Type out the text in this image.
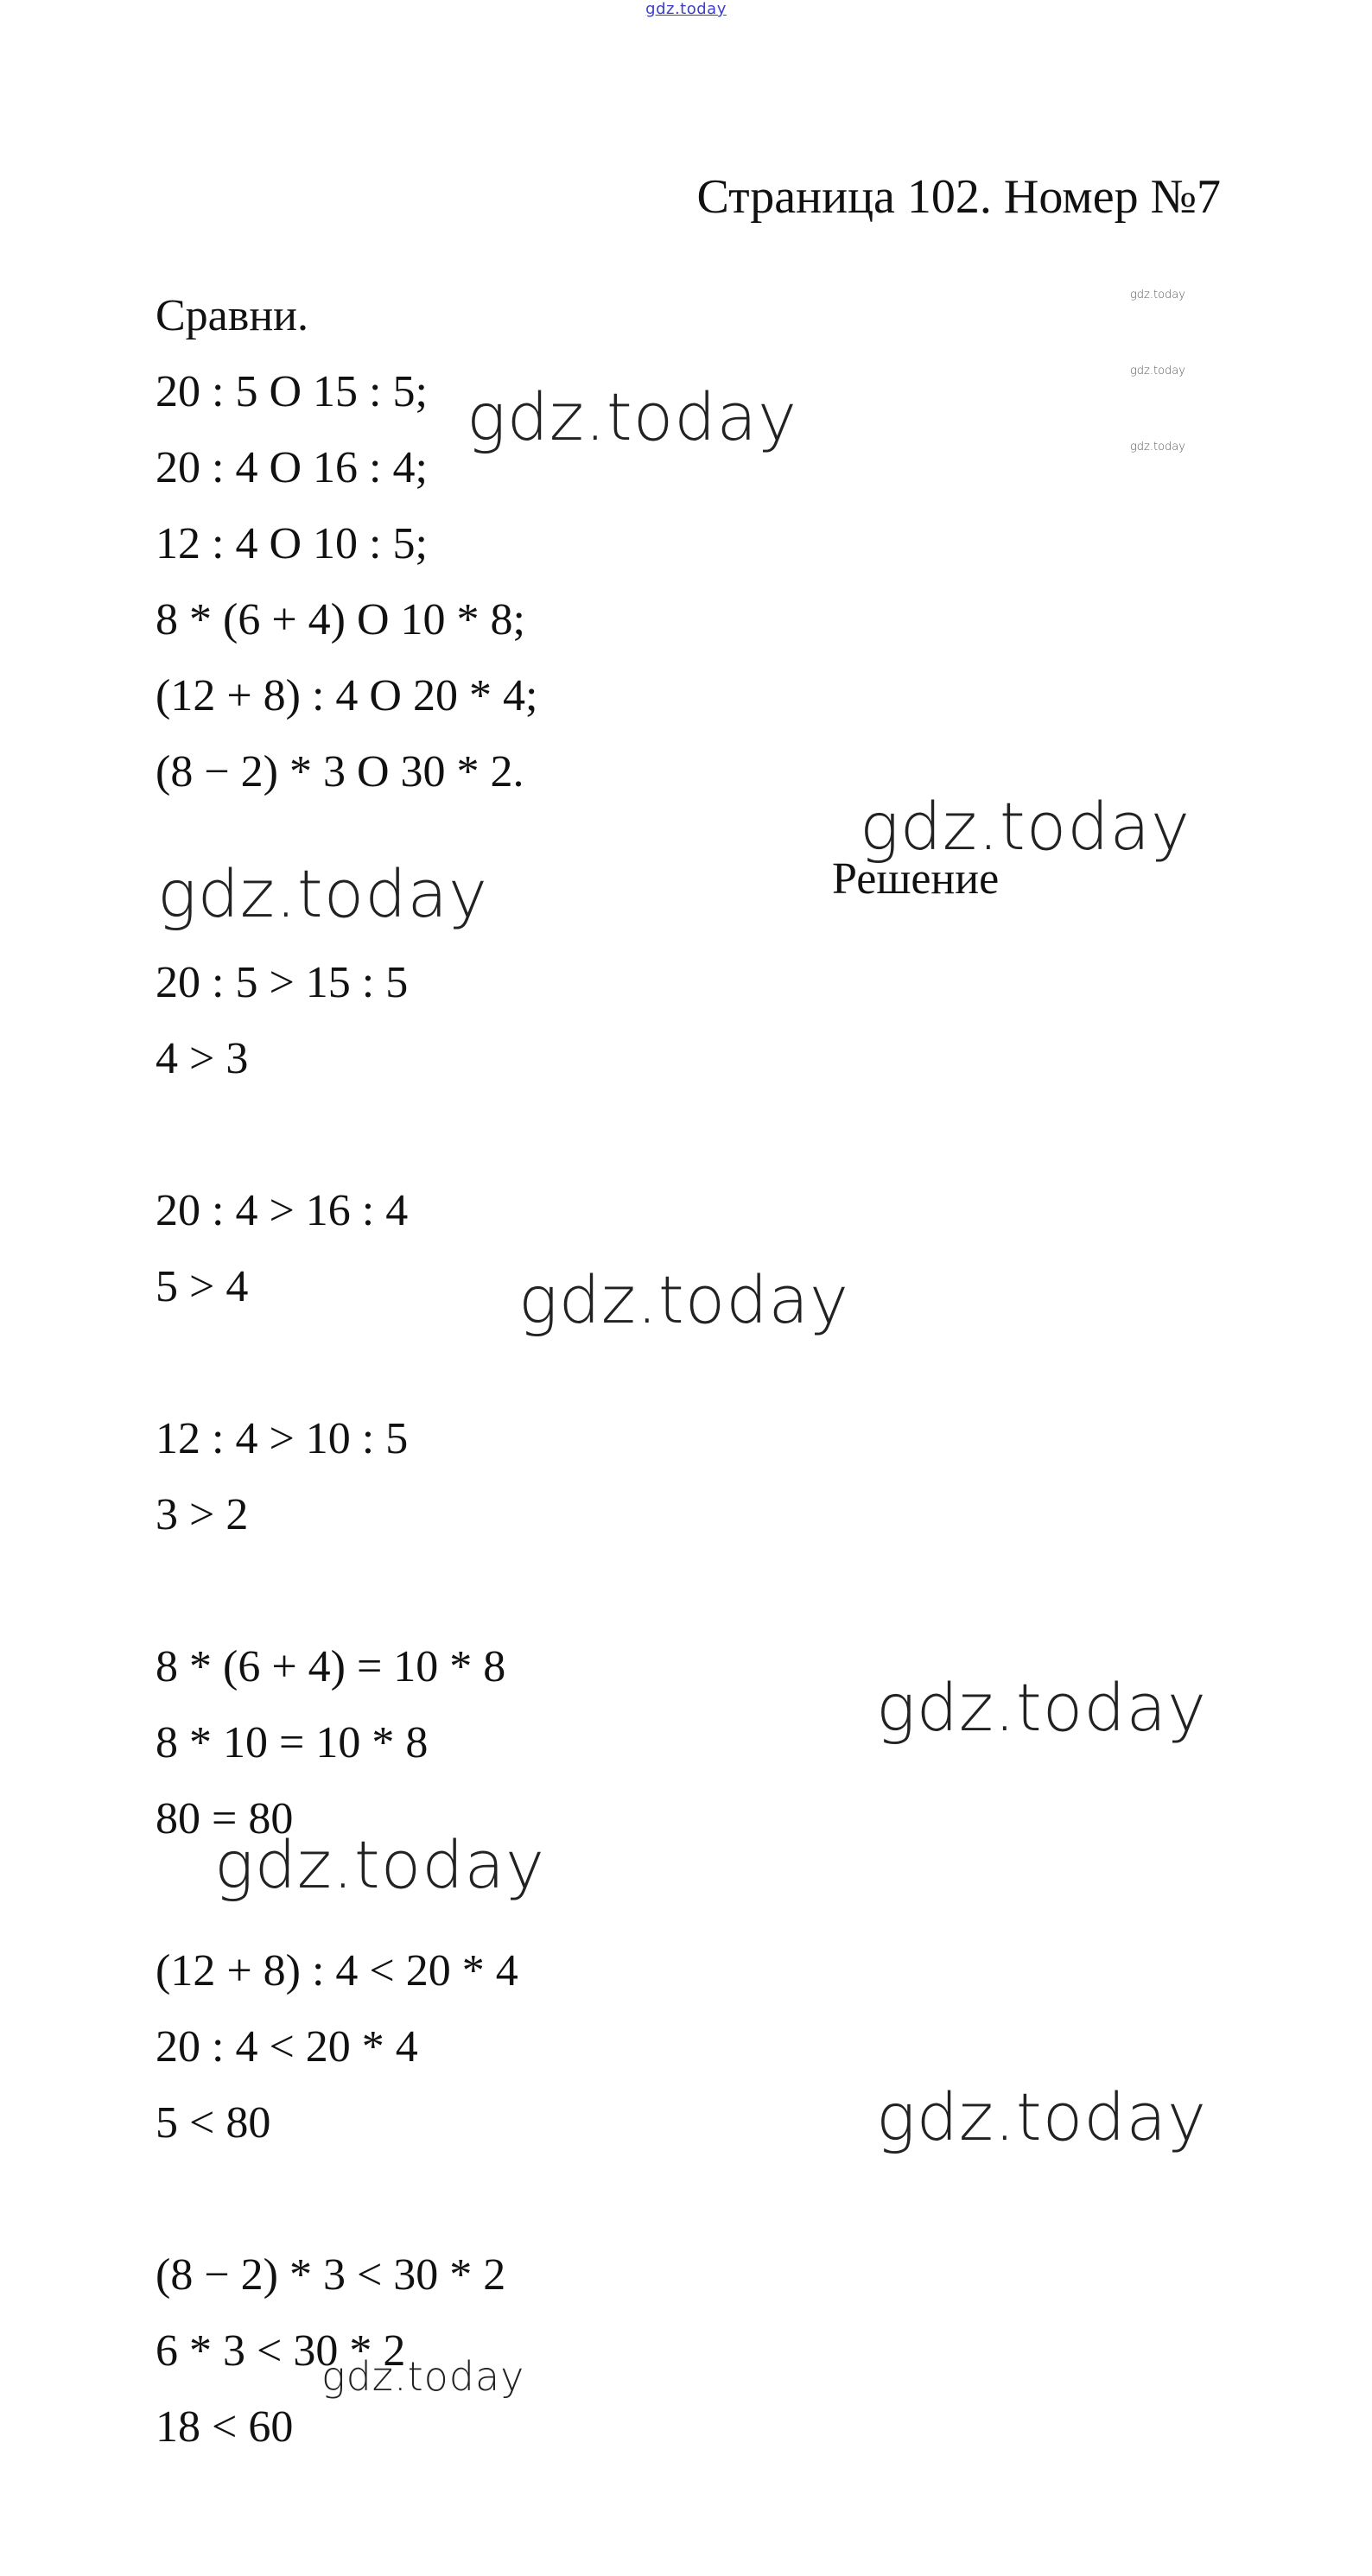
gdz.today
Страница 102. Номер №7
Сравни.
20 : 5 О 15 : 5;
20 : 4 О 16 : 4;
12 : 4 О 10 : 5;
8 * (6 + 4) О 10 * 8;
(12 + 8) : 4 О 20 * 4;
(8 − 2) * 3 О 30 * 2.
Решение
20 : 5 > 15 : 5
4 > 3
20 : 4 > 16 : 4
5 > 4
12 : 4 > 10 : 5
3 > 2
8 * (6 + 4) = 10 * 8
8 * 10 = 10 * 8
80 = 80
(12 + 8) : 4 < 20 * 4
20 : 4 < 20 * 4
5 < 80
(8 − 2) * 3 < 30 * 2
6 * 3 < 30 * 2
18 < 60
gdz.today
gdz.today
gdz.today
gdz.today
gdz.today
gdz.today
gdz.today
gdz.today
gdz.today
gdz.today
gdz.today
